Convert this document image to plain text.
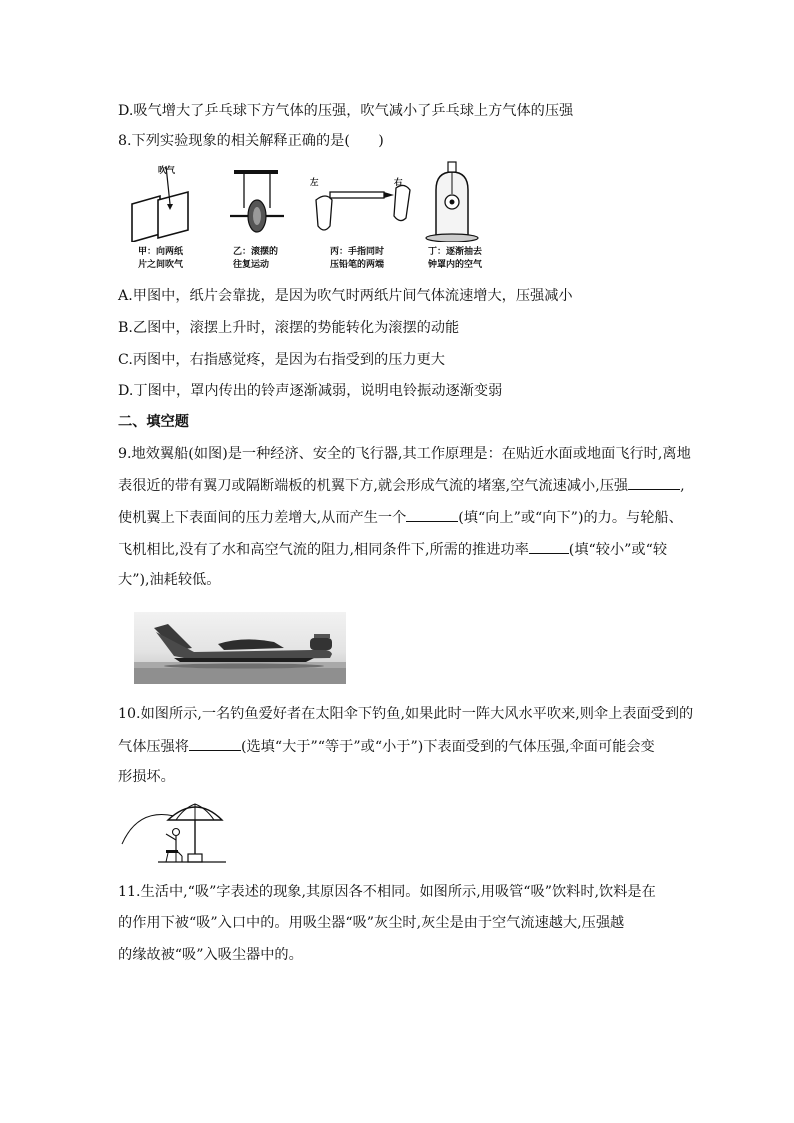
D.吸气增大了乒乓球下方气体的压强，吹气减小了乒乓球上方气体的压强
8.下列实验现象的相关解释正确的是(　　)
吹气
左	右
甲：向两纸
片之间吹气
乙：滚摆的
往复运动
丙：手指同时
压铅笔的两端
丁：逐渐抽去
钟罩内的空气
A.甲图中，纸片会靠拢，是因为吹气时两纸片间气体流速增大，压强减小
B.乙图中，滚摆上升时，滚摆的势能转化为滚摆的动能
C.丙图中，右指感觉疼，是因为右指受到的压力更大
D.丁图中，罩内传出的铃声逐渐减弱，说明电铃振动逐渐变弱
二、填空题
9.地效翼船(如图)是一种经济、安全的飞行器,其工作原理是：在贴近水面或地面飞行时,离地
表很近的带有翼刀或隔断端板的机翼下方,就会形成气流的堵塞,空气流速减小,压强	,
使机翼上下表面间的压力差增大,从而产生一个	(填“向上”或“向下”)的力。与轮船、
飞机相比,没有了水和高空气流的阻力,相同条件下,所需的推进功率	(填“较小”或“较
大”),油耗较低。
10.如图所示,一名钓鱼爱好者在太阳伞下钓鱼,如果此时一阵大风水平吹来,则伞上表面受到的
气体压强将	(选填“大于”“等于”或“小于”)下表面受到的气体压强,伞面可能会变
形损坏。
11.生活中,“吸”字表述的现象,其原因各不相同。如图所示,用吸管“吸”饮料时,饮料是在
的作用下被“吸”入口中的。用吸尘器“吸”灰尘时,灰尘是由于空气流速越大,压强越
的缘故被“吸”入吸尘器中的。
